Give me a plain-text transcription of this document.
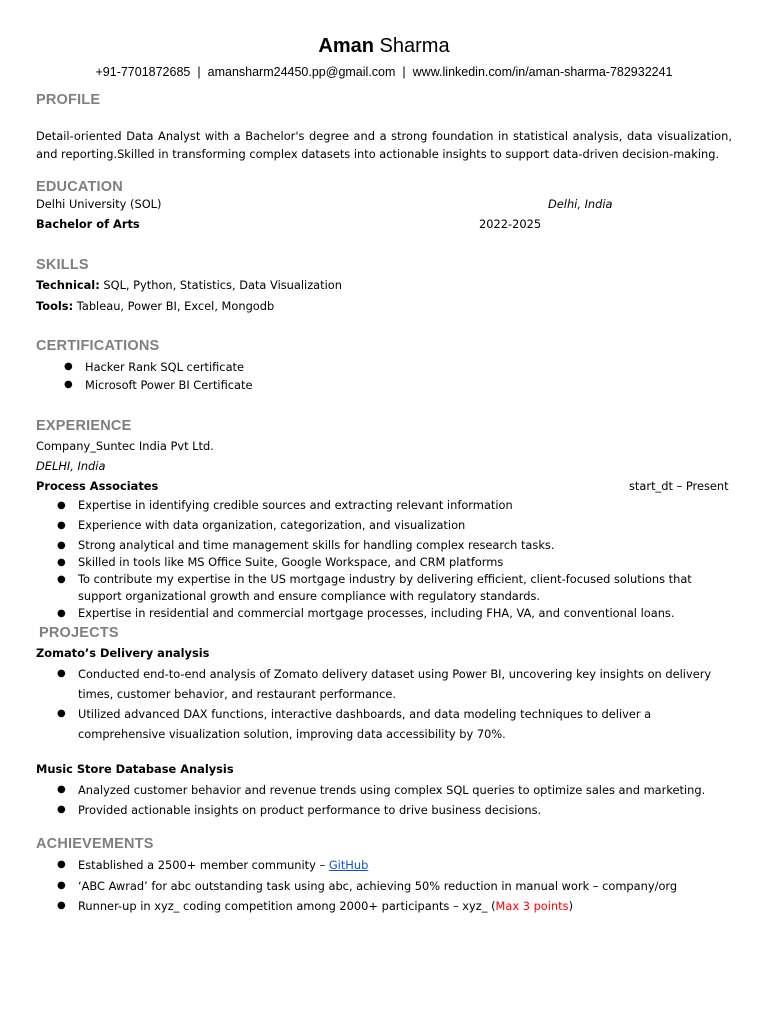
Aman Sharma
+91-7701872685 | amansharm24450.pp@gmail.com | www.linkedin.com/in/aman-sharma-782932241
PROFILE
Detail-oriented Data Analyst with a Bachelor's degree and a strong foundation in statistical analysis, data visualization, and reporting.Skilled in transforming complex datasets into actionable insights to support data-driven decision-making.
EDUCATION
Delhi University (SOL)	Delhi, India
Bachelor of Arts	2022-2025
SKILLS
Technical: SQL, Python, Statistics, Data Visualization
Tools: Tableau, Power BI, Excel, Mongodb
CERTIFICATIONS
● Hacker Rank SQL certificate
● Microsoft Power BI Certificate
EXPERIENCE
Company_Suntec India Pvt Ltd.
DELHI, India
Process Associates	start_dt – Present
● Expertise in identifying credible sources and extracting relevant information
● Experience with data organization, categorization, and visualization
● Strong analytical and time management skills for handling complex research tasks.
● Skilled in tools like MS Office Suite, Google Workspace, and CRM platforms
● To contribute my expertise in the US mortgage industry by delivering efficient, client-focused solutions that support organizational growth and ensure compliance with regulatory standards.
● Expertise in residential and commercial mortgage processes, including FHA, VA, and conventional loans.
PROJECTS
Zomato’s Delivery analysis
● Conducted end-to-end analysis of Zomato delivery dataset using Power BI, uncovering key insights on delivery times, customer behavior, and restaurant performance.
● Utilized advanced DAX functions, interactive dashboards, and data modeling techniques to deliver a comprehensive visualization solution, improving data accessibility by 70%.
Music Store Database Analysis
● Analyzed customer behavior and revenue trends using complex SQL queries to optimize sales and marketing.
● Provided actionable insights on product performance to drive business decisions.
ACHIEVEMENTS
● Established a 2500+ member community – GitHub
● ‘ABC Awrad’ for abc outstanding task using abc, achieving 50% reduction in manual work – company/org
● Runner-up in xyz_ coding competition among 2000+ participants – xyz_ (Max 3 points)
